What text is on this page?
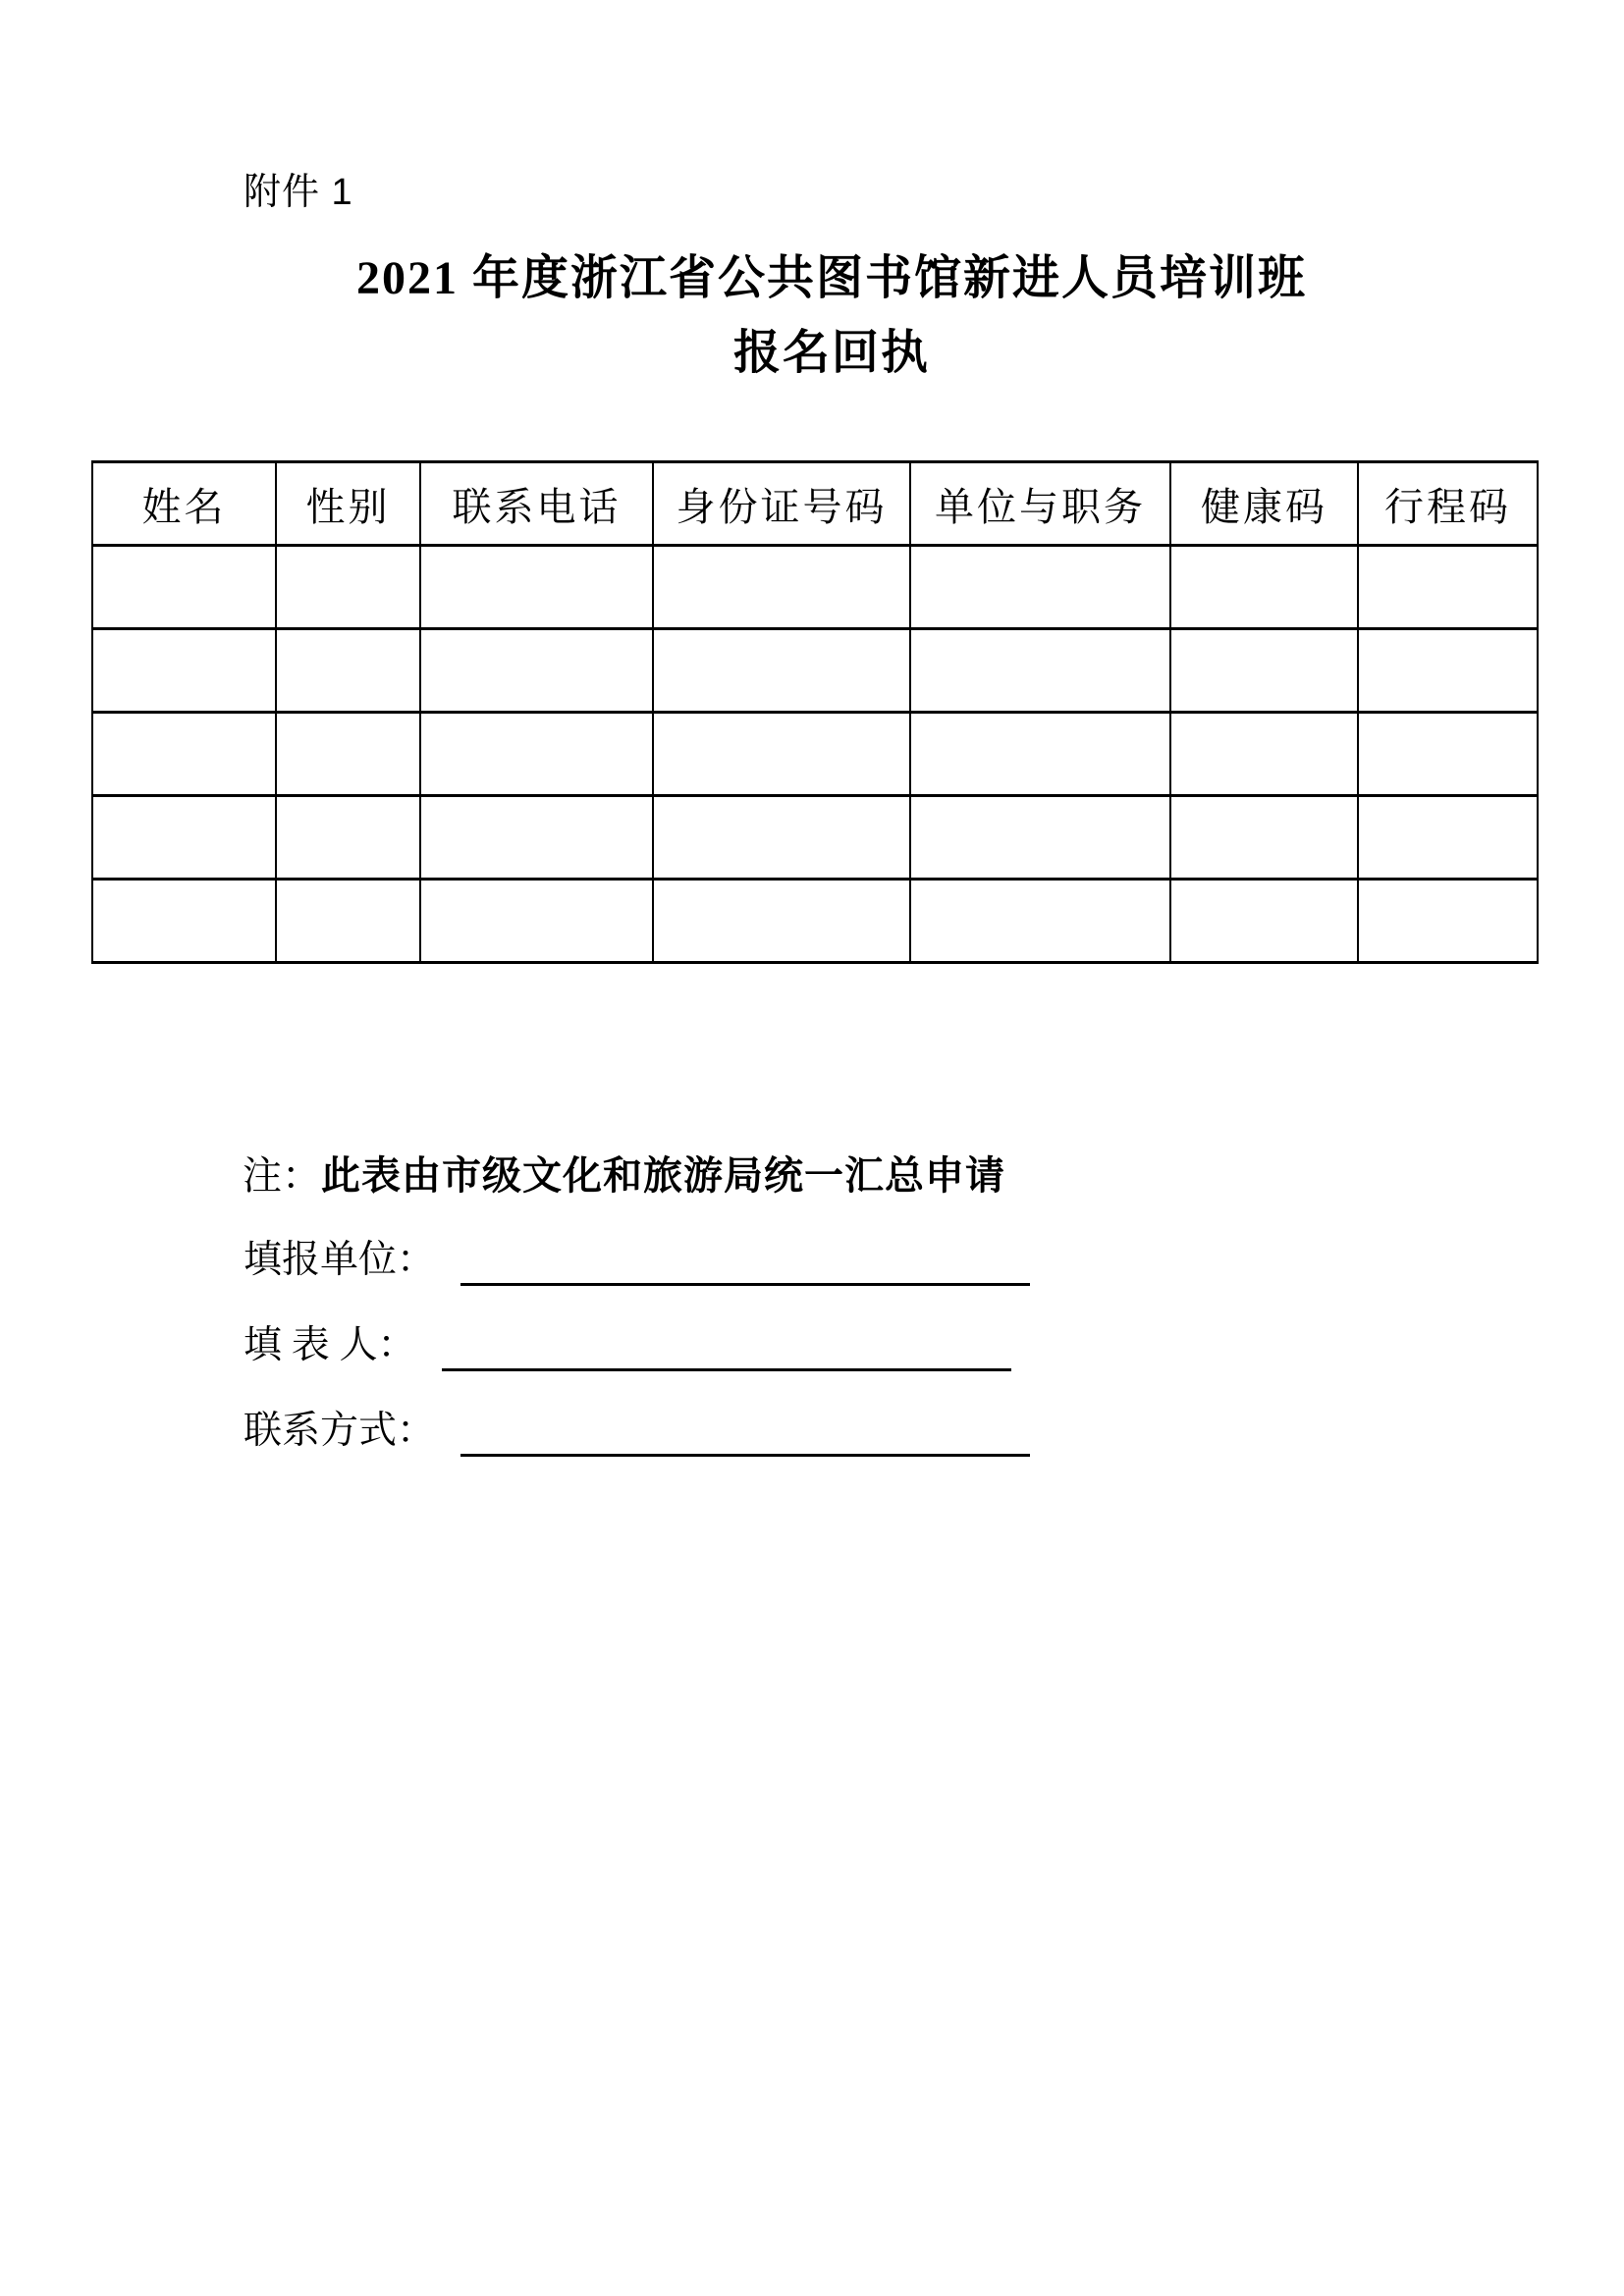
附件 1
2021 年度浙江省公共图书馆新进人员培训班
报名回执
姓名	性别	联系电话	身份证号码	单位与职务	健康码	行程码

注：此表由市级文化和旅游局统一汇总申请
填报单位：
填 表 人：
联系方式：
